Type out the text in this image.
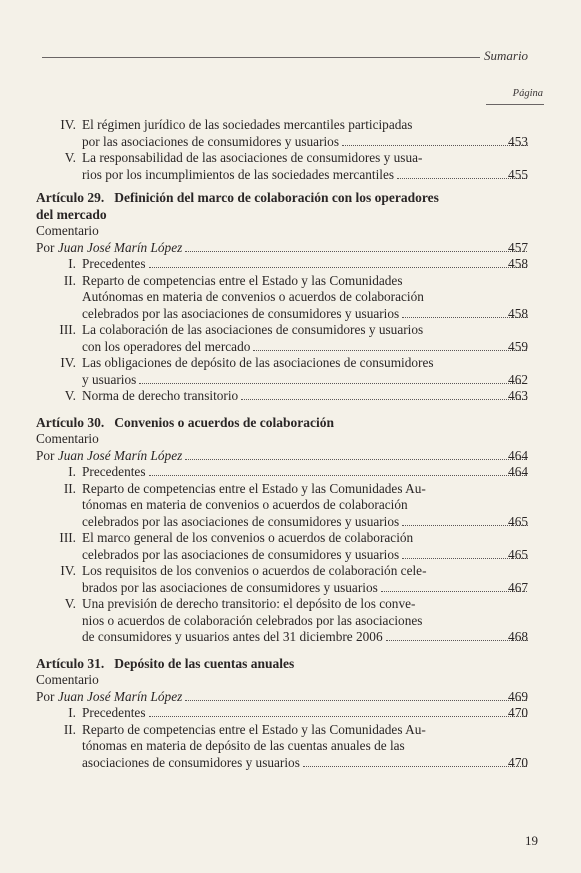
Sumario
Página
IV. El régimen jurídico de las sociedades mercantiles participadas
por las asociaciones de consumidores y usuarios	453
V. La responsabilidad de las asociaciones de consumidores y usua-
rios por los incumplimientos de las sociedades mercantiles	455
Artículo 29. Definición del marco de colaboración con los operadores
del mercado
Comentario
Por Juan José Marín López	457
I. Precedentes	458
II. Reparto de competencias entre el Estado y las Comunidades
Autónomas en materia de convenios o acuerdos de colaboración
celebrados por las asociaciones de consumidores y usuarios	458
III. La colaboración de las asociaciones de consumidores y usuarios
con los operadores del mercado	459
IV. Las obligaciones de depósito de las asociaciones de consumidores
y usuarios	462
V. Norma de derecho transitorio	463
Artículo 30. Convenios o acuerdos de colaboración
Comentario
Por Juan José Marín López	464
I. Precedentes	464
II. Reparto de competencias entre el Estado y las Comunidades Au-
tónomas en materia de convenios o acuerdos de colaboración
celebrados por las asociaciones de consumidores y usuarios	465
III. El marco general de los convenios o acuerdos de colaboración
celebrados por las asociaciones de consumidores y usuarios	465
IV. Los requisitos de los convenios o acuerdos de colaboración cele-
brados por las asociaciones de consumidores y usuarios	467
V. Una previsión de derecho transitorio: el depósito de los conve-
nios o acuerdos de colaboración celebrados por las asociaciones
de consumidores y usuarios antes del 31 diciembre 2006	468
Artículo 31. Depósito de las cuentas anuales
Comentario
Por Juan José Marín López	469
I. Precedentes	470
II. Reparto de competencias entre el Estado y las Comunidades Au-
tónomas en materia de depósito de las cuentas anuales de las
asociaciones de consumidores y usuarios	470
19
